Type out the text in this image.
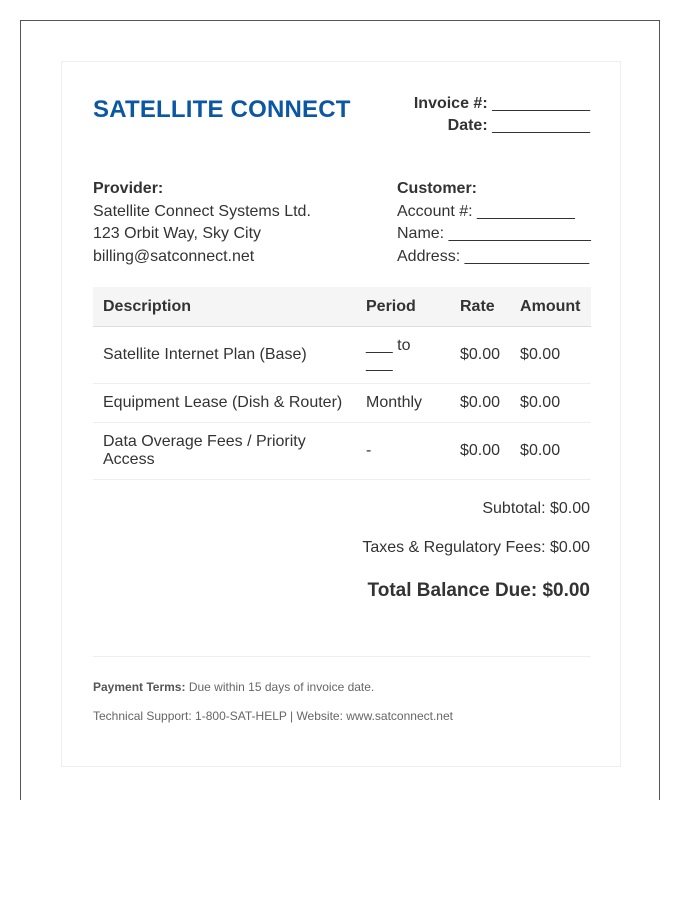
SATELLITE CONNECT	Invoice #: ___________
Date: ___________
Provider:
Satellite Connect Systems Ltd.
123 Orbit Way, Sky City
billing@satconnect.net
Customer:
Account #: ___________
Name: ________________
Address: ______________
Description	Period	Rate	Amount
Satellite Internet Plan (Base)	___ to ___	$0.00	$0.00
Equipment Lease (Dish & Router)	Monthly	$0.00	$0.00
Data Overage Fees / Priority Access	-	$0.00	$0.00
Subtotal: $0.00
Taxes & Regulatory Fees: $0.00
Total Balance Due: $0.00
Payment Terms: Due within 15 days of invoice date.
Technical Support: 1-800-SAT-HELP | Website: www.satconnect.net
